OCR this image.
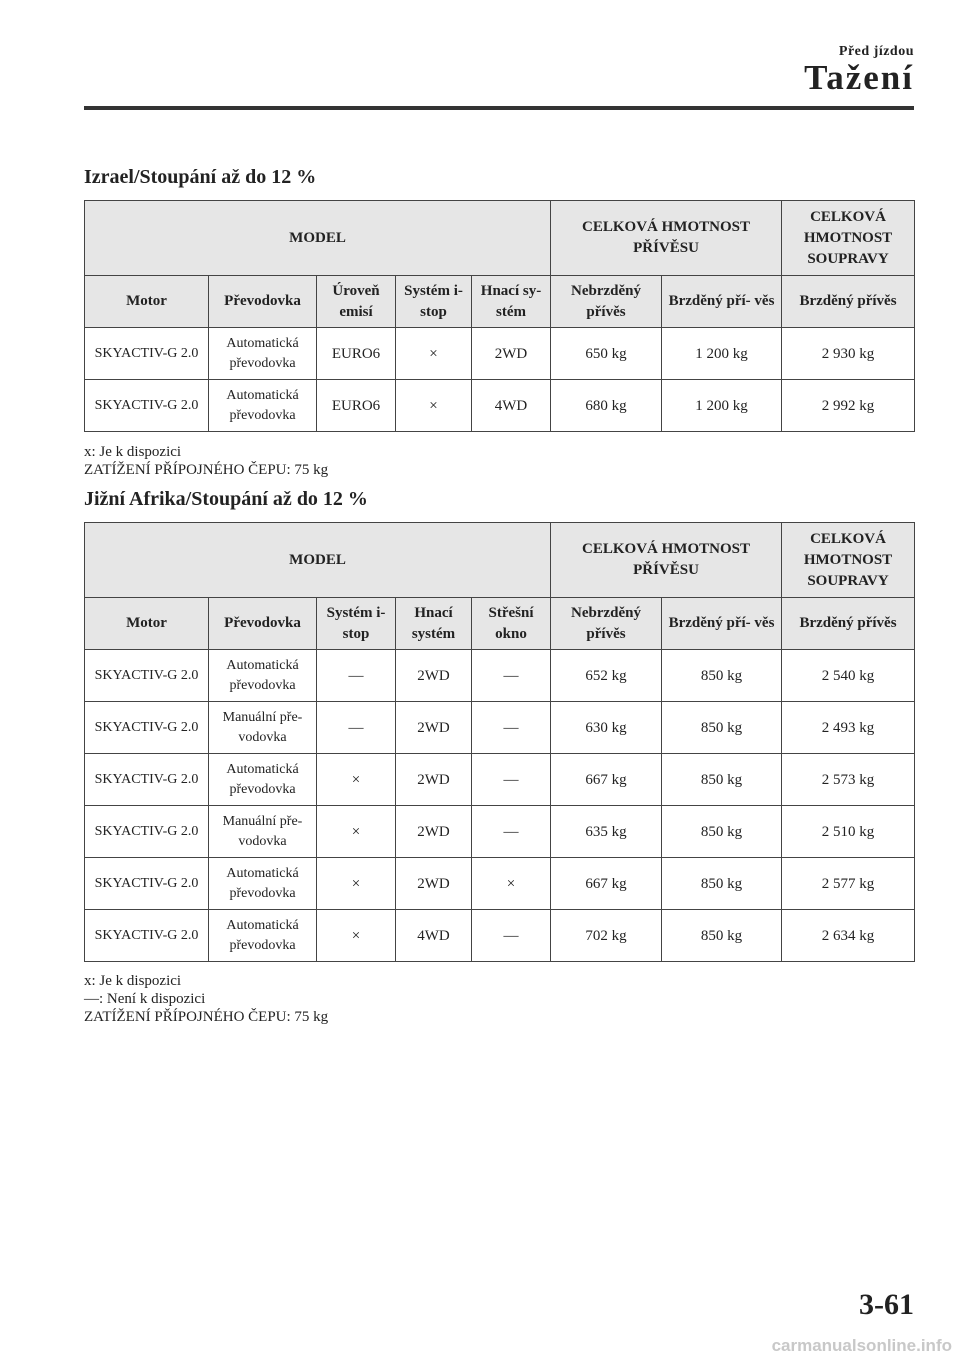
Před jízdou
Tažení
Izrael/Stoupání až do 12 %
MODEL					CELKOVÁ HMOTNOST PŘÍVĚSU		CELKOVÁ HMOTNOST SOUPRAVY
Motor	Převodovka	Úroveň emisí	Systém i-stop	Hnací sy- stém	Nebrzděný přívěs	Brzděný pří- věs	Brzděný přívěs
SKYACTIV-G 2.0	Automatická převodovka	EURO6	×	2WD	650 kg	1 200 kg	2 930 kg
SKYACTIV-G 2.0	Automatická převodovka	EURO6	×	4WD	680 kg	1 200 kg	2 992 kg
x: Je k dispozici
ZATÍŽENÍ PŘÍPOJNÉHO ČEPU: 75 kg
Jižní Afrika/Stoupání až do 12 %
MODEL					CELKOVÁ HMOTNOST PŘÍVĚSU		CELKOVÁ HMOTNOST SOUPRAVY
Motor	Převodovka	Systém i-stop	Hnací systém	Střešní okno	Nebrzděný přívěs	Brzděný pří- věs	Brzděný přívěs
SKYACTIV-G 2.0	Automatická převodovka	―	2WD	―	652 kg	850 kg	2 540 kg
SKYACTIV-G 2.0	Manuální pře- vodovka	―	2WD	―	630 kg	850 kg	2 493 kg
SKYACTIV-G 2.0	Automatická převodovka	×	2WD	―	667 kg	850 kg	2 573 kg
SKYACTIV-G 2.0	Manuální pře- vodovka	×	2WD	―	635 kg	850 kg	2 510 kg
SKYACTIV-G 2.0	Automatická převodovka	×	2WD	×	667 kg	850 kg	2 577 kg
SKYACTIV-G 2.0	Automatická převodovka	×	4WD	―	702 kg	850 kg	2 634 kg
x: Je k dispozici
―: Není k dispozici
ZATÍŽENÍ PŘÍPOJNÉHO ČEPU: 75 kg
3-61
carmanualsonline.info
